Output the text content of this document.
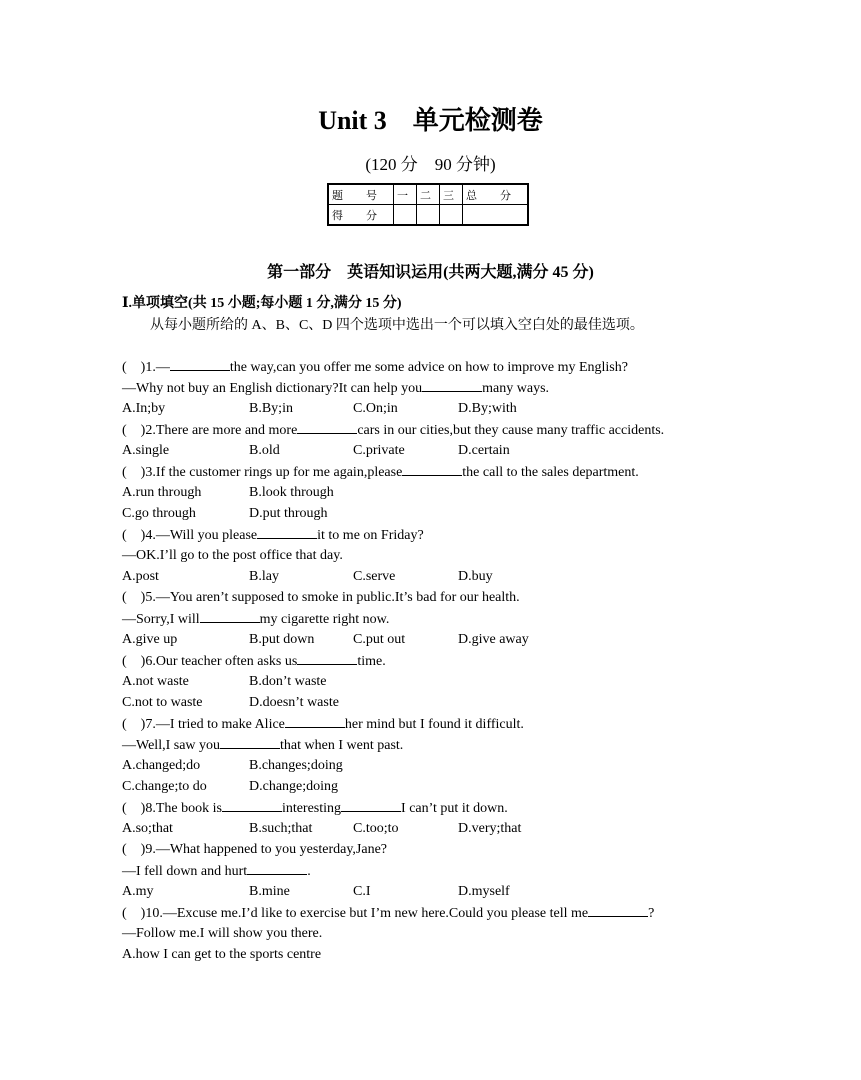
Unit 3　单元检测卷
(120 分　90 分钟)
题　号	一	二	三	总　分
得　分				
第一部分　英语知识运用(共两大题,满分 45 分)
Ⅰ.单项填空(共 15 小题;每小题 1 分,满分 15 分)
从每小题所给的 A、B、C、D 四个选项中选出一个可以填入空白处的最佳选项。
(　)1.—	the way,can you offer me some advice on how to improve my English?
—Why not buy an English dictionary?It can help you	many ways.
A.In;by	B.By;in	C.On;in	D.By;with
(　)2.There are more and more	cars in our cities,but they cause many traffic accidents.
A.single	B.old	C.private	D.certain
(　)3.If the customer rings up for me again,please	the call to the sales department.
A.run through	B.look through
C.go through	D.put through
(　)4.—Will you please	it to me on Friday?
—OK.I’ll go to the post office that day.
A.post	B.lay	C.serve	D.buy
(　)5.—You aren’t supposed to smoke in public.It’s bad for our health.
—Sorry,I will	my cigarette right now.
A.give up	B.put down	C.put out	D.give away
(　)6.Our teacher often asks us	time.
A.not waste	B.don’t waste
C.not to waste	D.doesn’t waste
(　)7.—I tried to make Alice	her mind but I found it difficult.
—Well,I saw you	that when I went past.
A.changed;do	B.changes;doing
C.change;to do	D.change;doing
(　)8.The book is	interesting	I can’t put it down.
A.so;that	B.such;that	C.too;to	D.very;that
(　)9.—What happened to you yesterday,Jane?
—I fell down and hurt	.
A.my	B.mine	C.I	D.myself
(　)10.—Excuse me.I’d like to exercise but I’m new here.Could you please tell me	?
—Follow me.I will show you there.
A.how I can get to the sports centre
